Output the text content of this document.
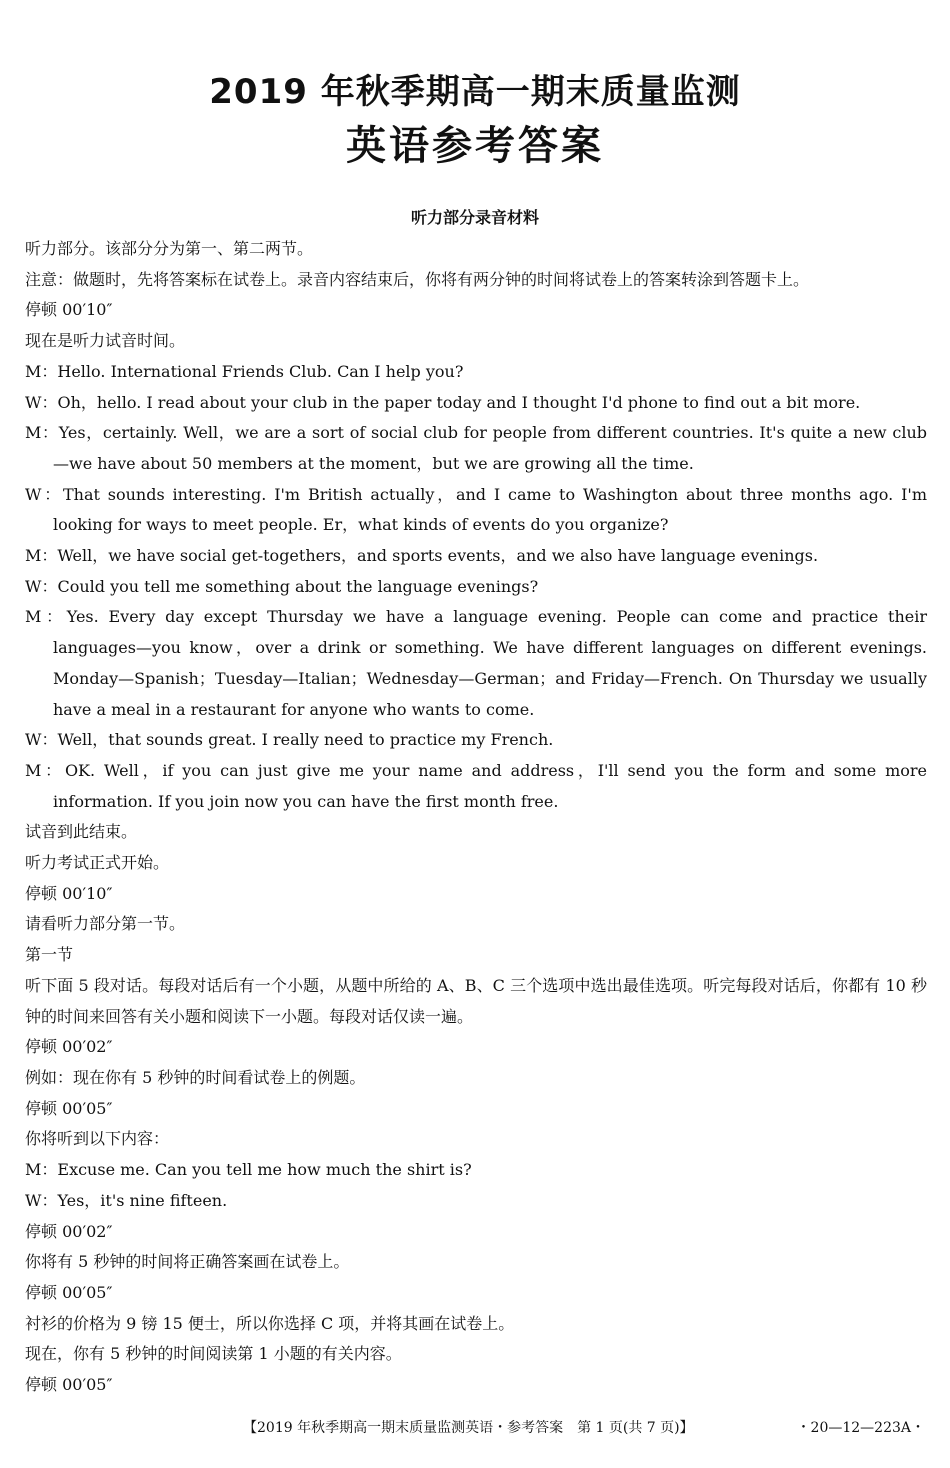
2019 年秋季期高一期末质量监测
英语参考答案
听力部分录音材料
听力部分。该部分分为第一、第二两节。
注意：做题时，先将答案标在试卷上。录音内容结束后，你将有两分钟的时间将试卷上的答案转涂到答题卡上。
停顿 00′10″
现在是听力试音时间。
M：Hello. International Friends Club. Can I help you?
W：Oh，hello. I read about your club in the paper today and I thought I'd phone to find out a bit more.
M：Yes，certainly. Well，we are a sort of social club for people from different countries. It's quite a new club—we have about 50 members at the moment，but we are growing all the time.
W：That sounds interesting. I'm British actually，and I came to Washington about three months ago. I'm looking for ways to meet people. Er，what kinds of events do you organize?
M：Well，we have social get-togethers，and sports events，and we also have language evenings.
W：Could you tell me something about the language evenings?
M：Yes. Every day except Thursday we have a language evening. People can come and practice their languages—you know，over a drink or something. We have different languages on different evenings. Monday—Spanish；Tuesday—Italian；Wednesday—German；and Friday—French. On Thursday we usually have a meal in a restaurant for anyone who wants to come.
W：Well，that sounds great. I really need to practice my French.
M：OK. Well，if you can just give me your name and address，I'll send you the form and some more information. If you join now you can have the first month free.
试音到此结束。
听力考试正式开始。
停顿 00′10″
请看听力部分第一节。
第一节
听下面 5 段对话。每段对话后有一个小题，从题中所给的 A、B、C 三个选项中选出最佳选项。听完每段对话后，你都有 10 秒钟的时间来回答有关小题和阅读下一小题。每段对话仅读一遍。
停顿 00′02″
例如：现在你有 5 秒钟的时间看试卷上的例题。
停顿 00′05″
你将听到以下内容：
M：Excuse me. Can you tell me how much the shirt is?
W：Yes，it's nine fifteen.
停顿 00′02″
你将有 5 秒钟的时间将正确答案画在试卷上。
停顿 00′05″
衬衫的价格为 9 镑 15 便士，所以你选择 C 项，并将其画在试卷上。
现在，你有 5 秒钟的时间阅读第 1 小题的有关内容。
停顿 00′05″
【2019 年秋季期高一期末质量监测英语・参考答案　第 1 页(共 7 页)】	・20—12—223A・
